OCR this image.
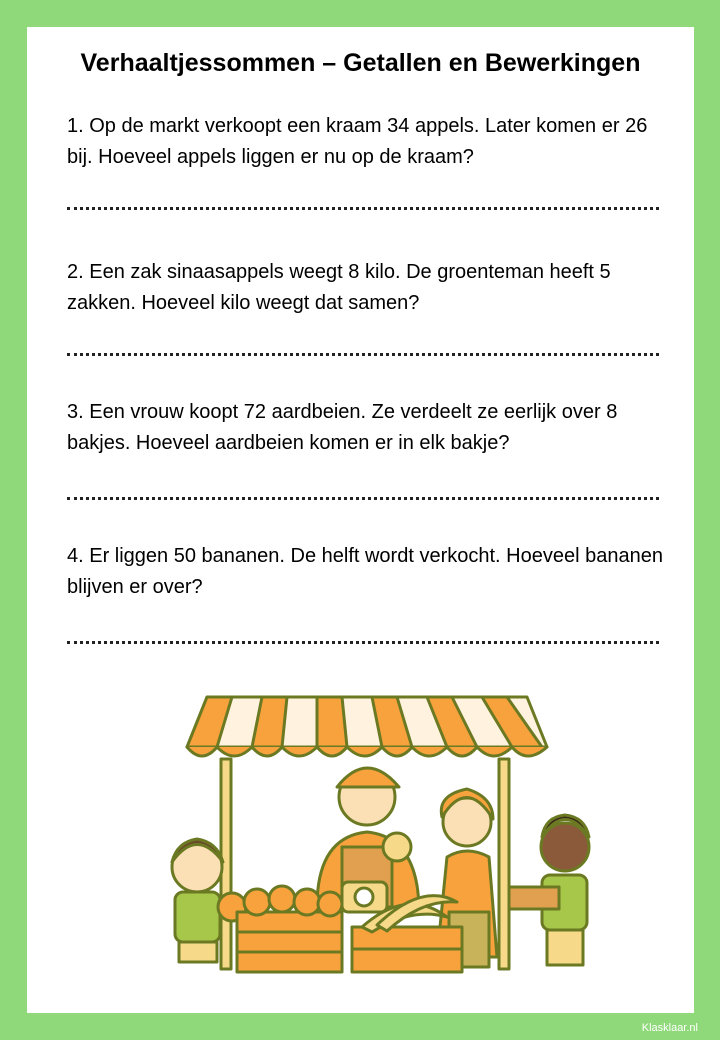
Verhaaltjessommen – Getallen en Bewerkingen
1. Op de markt verkoopt een kraam 34 appels. Later komen er 26 bij. Hoeveel appels liggen er nu op de kraam?
2. Een zak sinaasappels weegt 8 kilo. De groenteman heeft 5 zakken. Hoeveel kilo weegt dat samen?
3. Een vrouw koopt 72 aardbeien. Ze verdeelt ze eerlijk over 8 bakjes. Hoeveel aardbeien komen er in elk bakje?
4. Er liggen 50 bananen. De helft wordt verkocht. Hoeveel bananen blijven er over?
Klasklaar.nl
